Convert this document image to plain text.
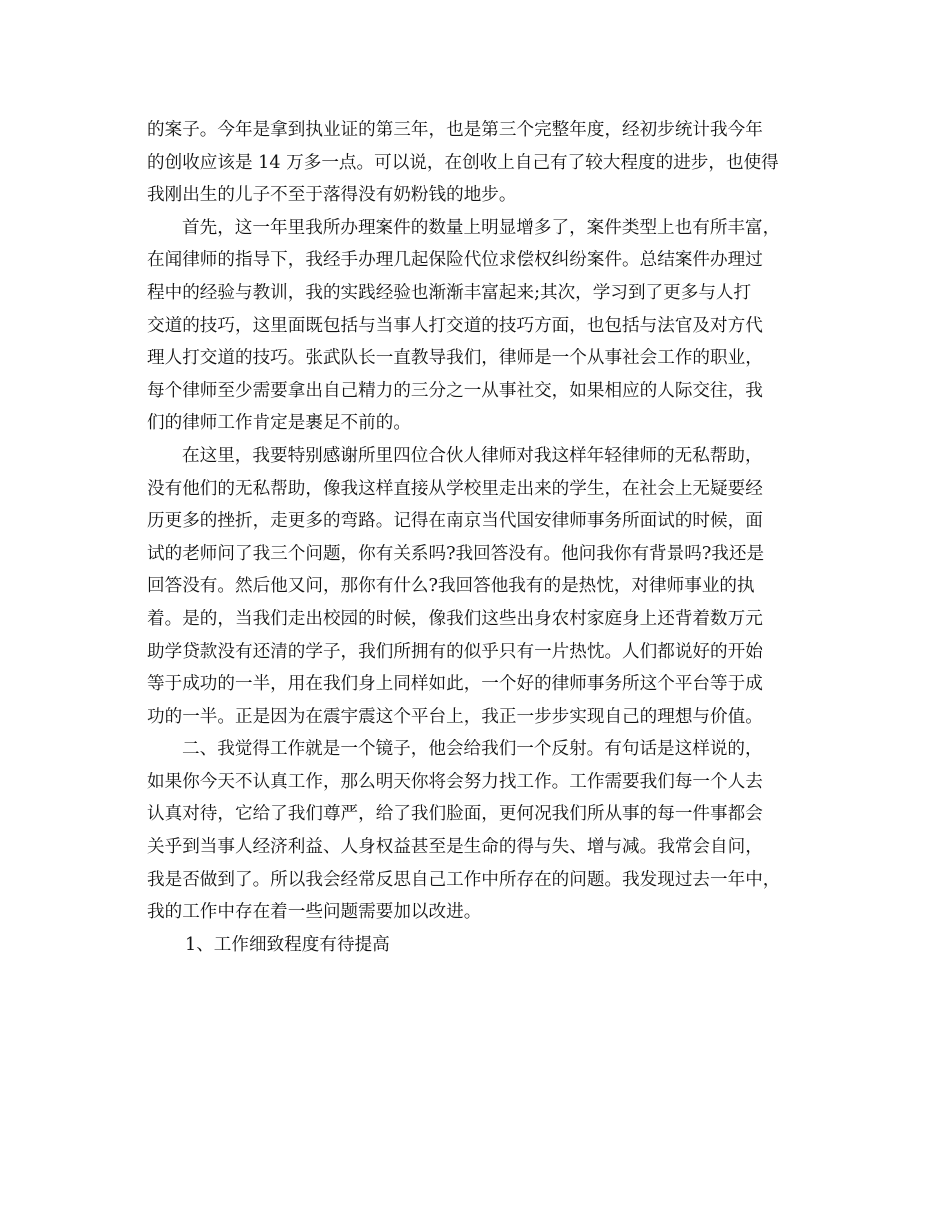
的案子。今年是拿到执业证的第三年，也是第三个完整年度，经初步统计我今年
的创收应该是 14 万多一点。可以说，在创收上自己有了较大程度的进步，也使得
我刚出生的儿子不至于落得没有奶粉钱的地步。
首先，这一年里我所办理案件的数量上明显增多了，案件类型上也有所丰富，
在闻律师的指导下，我经手办理几起保险代位求偿权纠纷案件。总结案件办理过
程中的经验与教训，我的实践经验也渐渐丰富起来;其次，学习到了更多与人打
交道的技巧，这里面既包括与当事人打交道的技巧方面，也包括与法官及对方代
理人打交道的技巧。张武队长一直教导我们，律师是一个从事社会工作的职业，
每个律师至少需要拿出自己精力的三分之一从事社交，如果相应的人际交往，我
们的律师工作肯定是裹足不前的。
在这里，我要特别感谢所里四位合伙人律师对我这样年轻律师的无私帮助，
没有他们的无私帮助，像我这样直接从学校里走出来的学生，在社会上无疑要经
历更多的挫折，走更多的弯路。记得在南京当代国安律师事务所面试的时候，面
试的老师问了我三个问题，你有关系吗?我回答没有。他问我你有背景吗?我还是
回答没有。然后他又问，那你有什么?我回答他我有的是热忱，对律师事业的执
着。是的，当我们走出校园的时候，像我们这些出身农村家庭身上还背着数万元
助学贷款没有还清的学子，我们所拥有的似乎只有一片热忱。人们都说好的开始
等于成功的一半，用在我们身上同样如此，一个好的律师事务所这个平台等于成
功的一半。正是因为在震宇震这个平台上，我正一步步实现自己的理想与价值。
二、我觉得工作就是一个镜子，他会给我们一个反射。有句话是这样说的，
如果你今天不认真工作，那么明天你将会努力找工作。工作需要我们每一个人去
认真对待，它给了我们尊严，给了我们脸面，更何况我们所从事的每一件事都会
关乎到当事人经济利益、人身权益甚至是生命的得与失、增与减。我常会自问，
我是否做到了。所以我会经常反思自己工作中所存在的问题。我发现过去一年中，
我的工作中存在着一些问题需要加以改进。
1、工作细致程度有待提高
